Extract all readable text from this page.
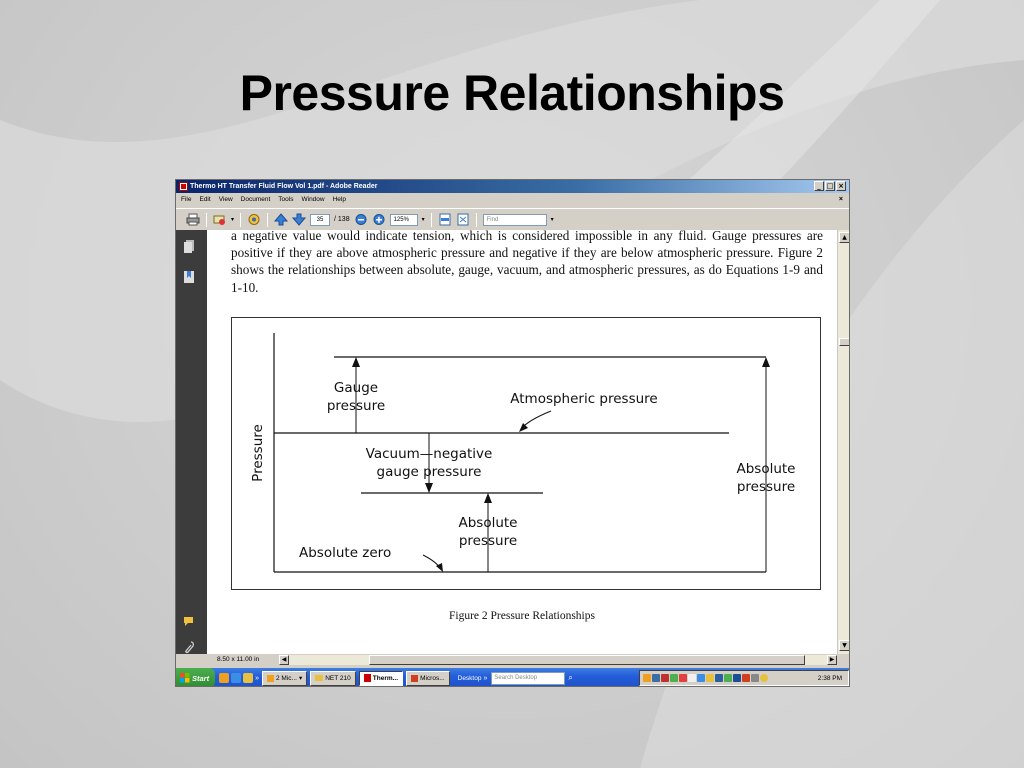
Pressure Relationships
Thermo HT Transfer Fluid Flow Vol 1.pdf - Adobe Reader	_ □ ×
File Edit View Document Tools Window Help	×
▾	35	/ 138	125%	▾	Find	▾

a negative value would indicate tension, which is considered impossible in any fluid. Gauge pressures are positive if they are above atmospheric pressure and negative if they are below atmospheric pressure. Figure 2 shows the relationships between absolute, gauge, vacuum, and atmospheric pressures, as do Equations 1-9 and 1-10.

Pressure
Gauge
pressure	Atmospheric pressure
Vacuum—negative
gauge pressure	Absolute
pressure
Absolute
pressure
Absolute zero
Figure 2 Pressure Relationships
▲
▼
8.50 x 11.00 in	◀	▶
Start	»	2 Mic... ▾	NET 210	Therm...	Micros... Desktop »	Search Desktop	⌕	2:38 PM
